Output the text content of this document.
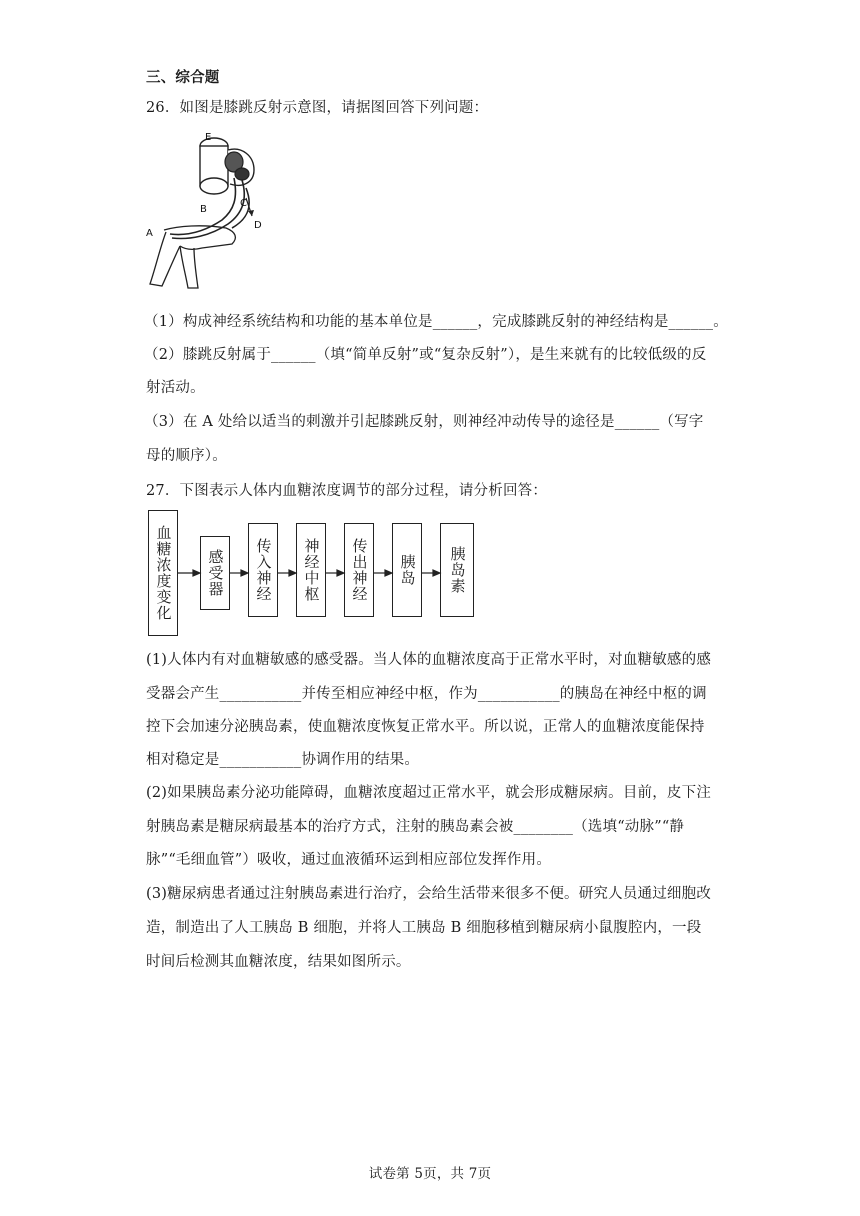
三、综合题
26．如图是膝跳反射示意图，请据图回答下列问题：
E
A
B
C
D
（1）构成神经系统结构和功能的基本单位是______，完成膝跳反射的神经结构是______。
（2）膝跳反射属于______（填“简单反射”或“复杂反射”），是生来就有的比较低级的反
射活动。
（3）在 A 处给以适当的刺激并引起膝跳反射，则神经冲动传导的途径是______（写字
母的顺序）。
27．下图表示人体内血糖浓度调节的部分过程，请分析回答：
血糖浓度变化 感受器 传入神经 神经中枢 传出神经 胰岛 胰岛素
(1)人体内有对血糖敏感的感受器。当人体的血糖浓度高于正常水平时，对血糖敏感的感
受器会产生___________并传至相应神经中枢，作为___________的胰岛在神经中枢的调
控下会加速分泌胰岛素，使血糖浓度恢复正常水平。所以说，正常人的血糖浓度能保持
相对稳定是___________协调作用的结果。
(2)如果胰岛素分泌功能障碍，血糖浓度超过正常水平，就会形成糖尿病。目前，皮下注
射胰岛素是糖尿病最基本的治疗方式，注射的胰岛素会被________（选填“动脉”“静
脉”“毛细血管”）吸收，通过血液循环运到相应部位发挥作用。
(3)糖尿病患者通过注射胰岛素进行治疗，会给生活带来很多不便。研究人员通过细胞改
造，制造出了人工胰岛 B 细胞，并将人工胰岛 B 细胞移植到糖尿病小鼠腹腔内，一段
时间后检测其血糖浓度，结果如图所示。
试卷第 5页，共 7页
